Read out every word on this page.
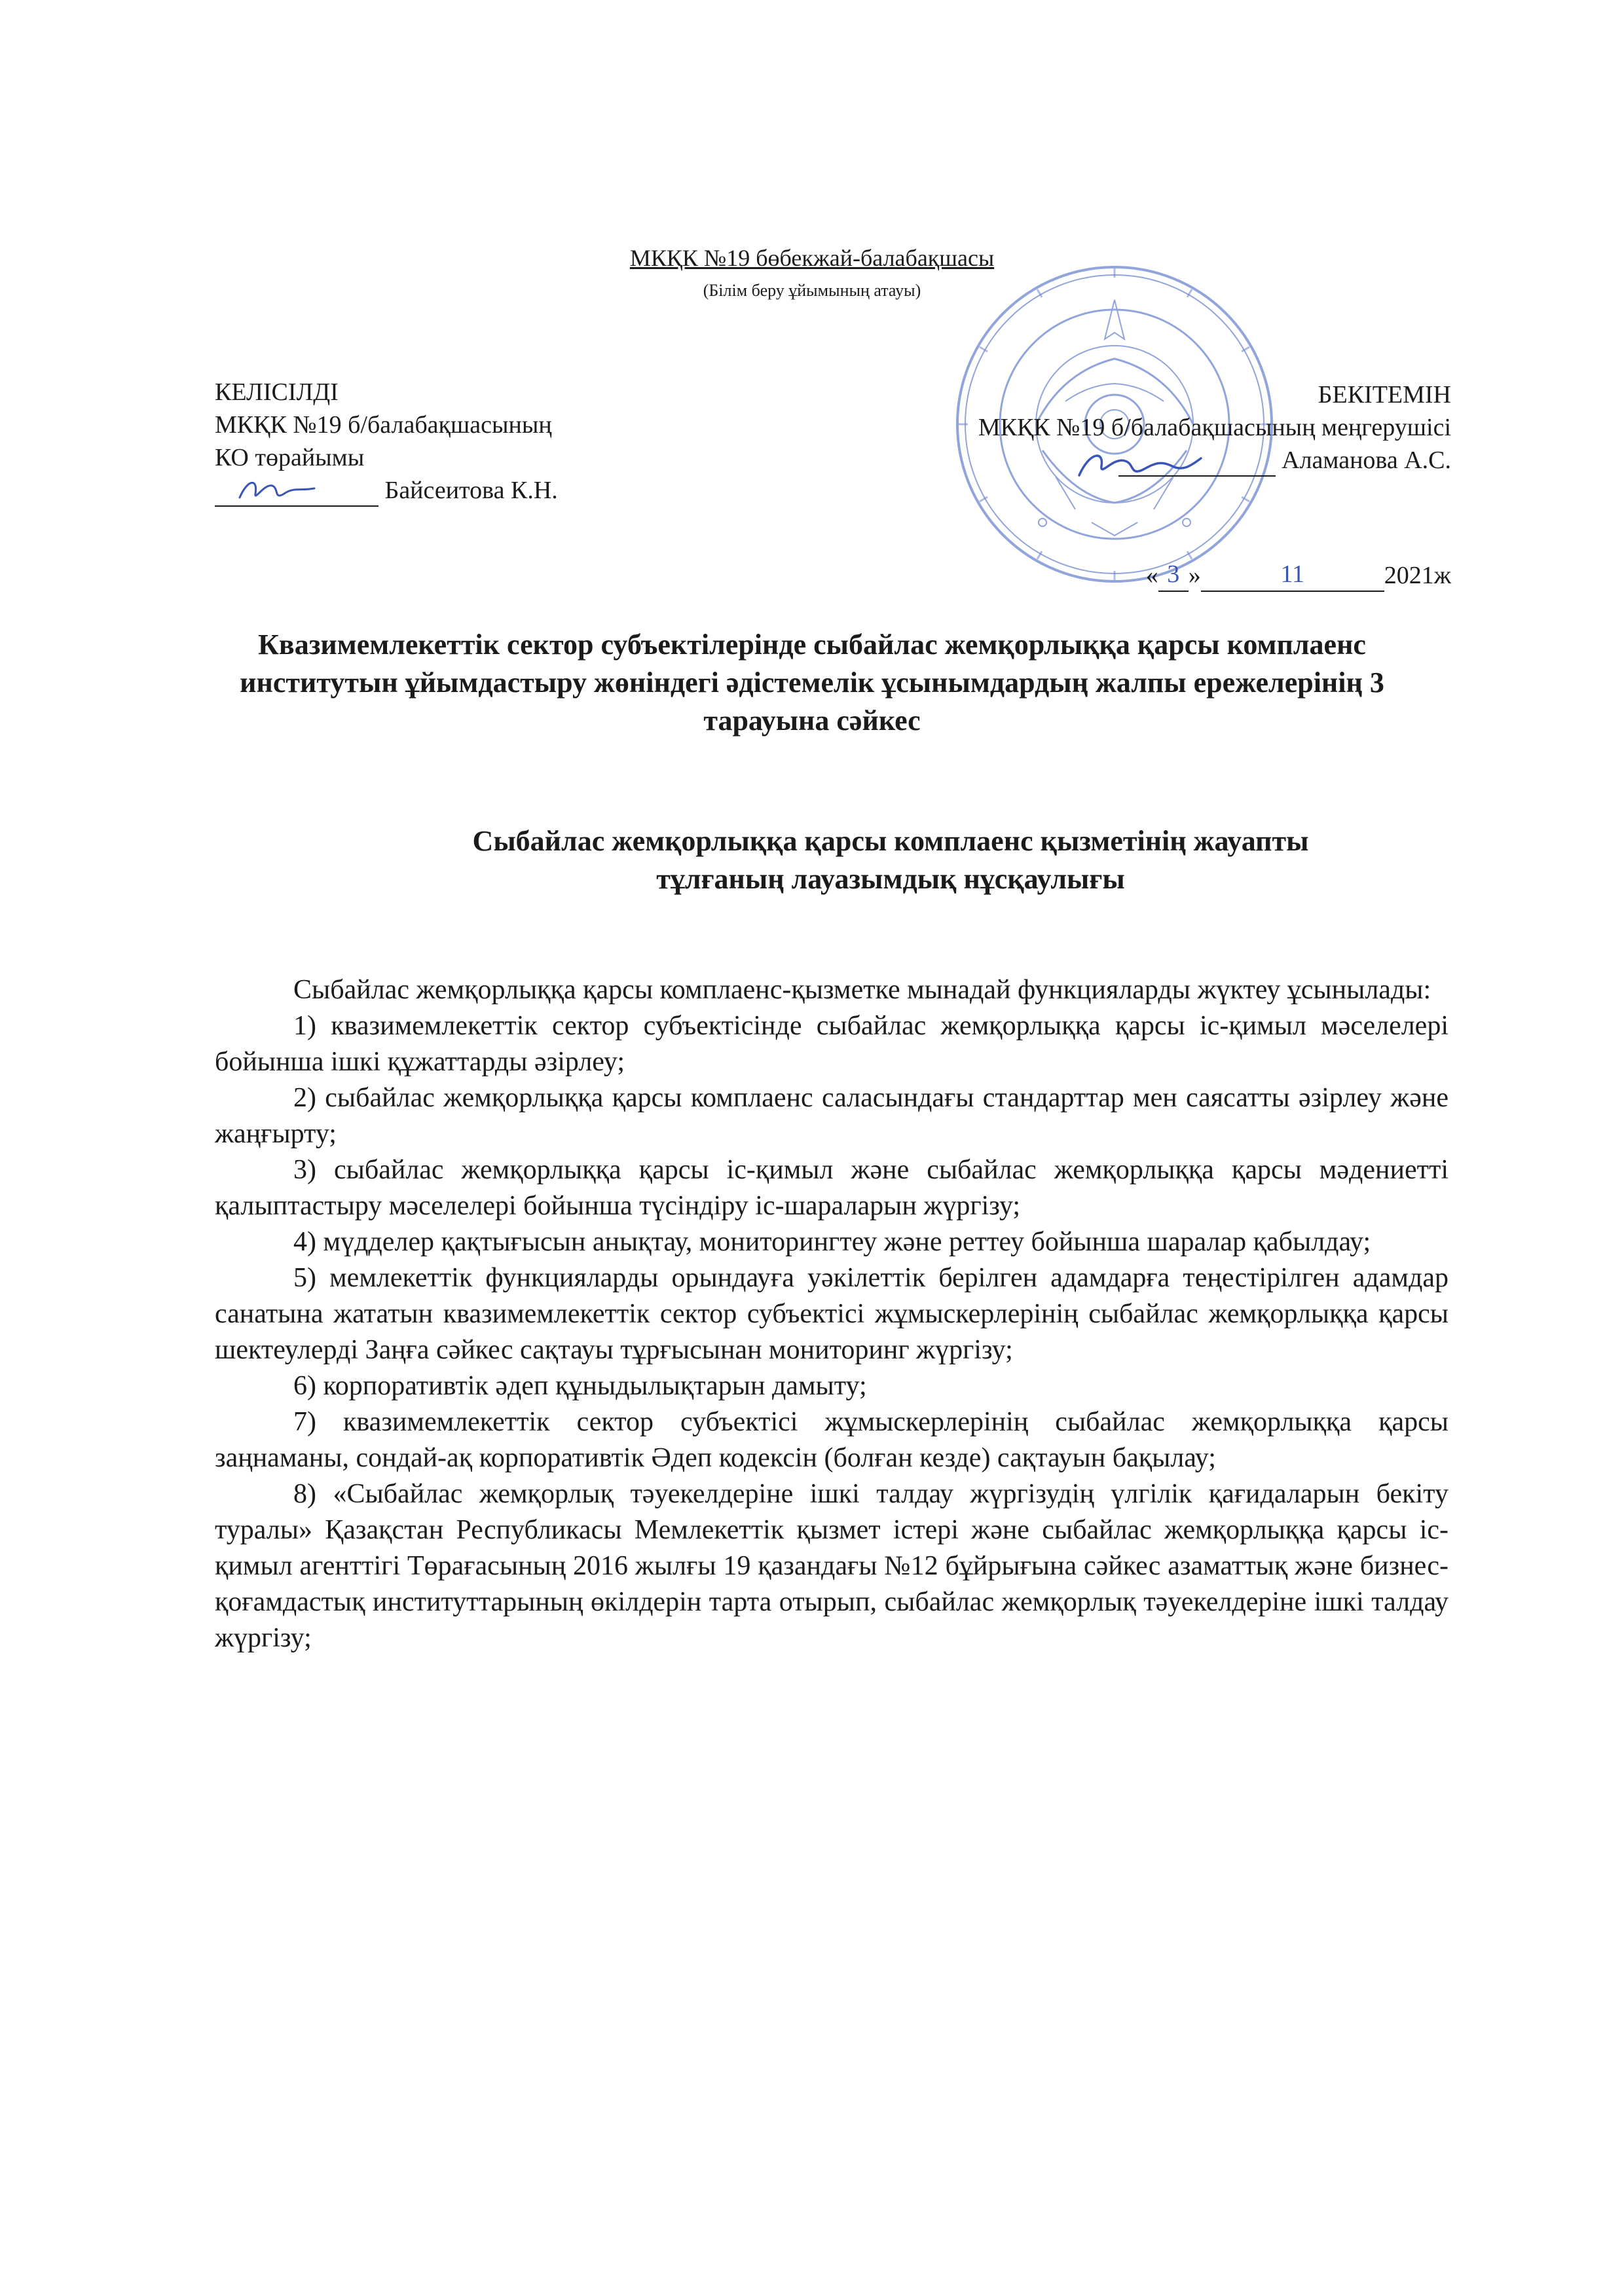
МКҚК №19 бөбекжай-балабақшасы
(Білім беру ұйымының атауы)
КЕЛІСІЛДІ
МКҚК №19 б/балабақшасының
КО төрайымы
Байсеитова К.Н.
БЕКІТЕМІН
МКҚК №19 б/балабақшасының меңгерушісі
Аламанова А.С.
« 3 »	11	2021ж
Квазимемлекеттік сектор субъектілерінде сыбайлас жемқорлыққа қарсы комплаенс институтын ұйымдастыру жөніндегі әдістемелік ұсынымдардың жалпы ережелерінің 3 тарауына сәйкес
Сыбайлас жемқорлыққа қарсы комплаенс қызметінің жауапты
тұлғаның лауазымдық нұсқаулығы

Сыбайлас жемқорлыққа қарсы комплаенс-қызметке мынадай функцияларды жүктеу ұсынылады:

1) квазимемлекеттік сектор субъектісінде сыбайлас жемқорлыққа қарсы іс-қимыл мәселелері бойынша ішкі құжаттарды әзірлеу;

2) сыбайлас жемқорлыққа қарсы комплаенс саласындағы стандарттар мен саясатты әзірлеу және жаңғырту;

3) сыбайлас жемқорлыққа қарсы іс-қимыл және сыбайлас жемқорлыққа қарсы мәдениетті қалыптастыру мәселелері бойынша түсіндіру іс-шараларын жүргізу;

4) мүдделер қақтығысын анықтау, мониторингтеу және реттеу бойынша шаралар қабылдау;

5) мемлекеттік функцияларды орындауға уәкілеттік берілген адамдарға теңестірілген адамдар санатына жататын квазимемлекеттік сектор субъектісі жұмыскерлерінің сыбайлас жемқорлыққа қарсы шектеулерді Заңға сәйкес сақтауы тұрғысынан мониторинг жүргізу;

6) корпоративтік әдеп құныдылықтарын дамыту;

7) квазимемлекеттік сектор субъектісі жұмыскерлерінің сыбайлас жемқорлыққа қарсы заңнаманы, сондай-ақ корпоративтік Әдеп кодексін (болған кезде) сақтауын бақылау;

8) «Сыбайлас жемқорлық тәуекелдеріне ішкі талдау жүргізудің үлгілік қағидаларын бекіту туралы» Қазақстан Республикасы Мемлекеттік қызмет істері және сыбайлас жемқорлыққа қарсы іс-қимыл агенттігі Төрағасының 2016 жылғы 19 қазандағы №12 бұйрығына сәйкес азаматтық және бизнес-қоғамдастық институттарының өкілдерін тарта отырып, сыбайлас жемқорлық тәуекелдеріне ішкі талдау жүргізу;
